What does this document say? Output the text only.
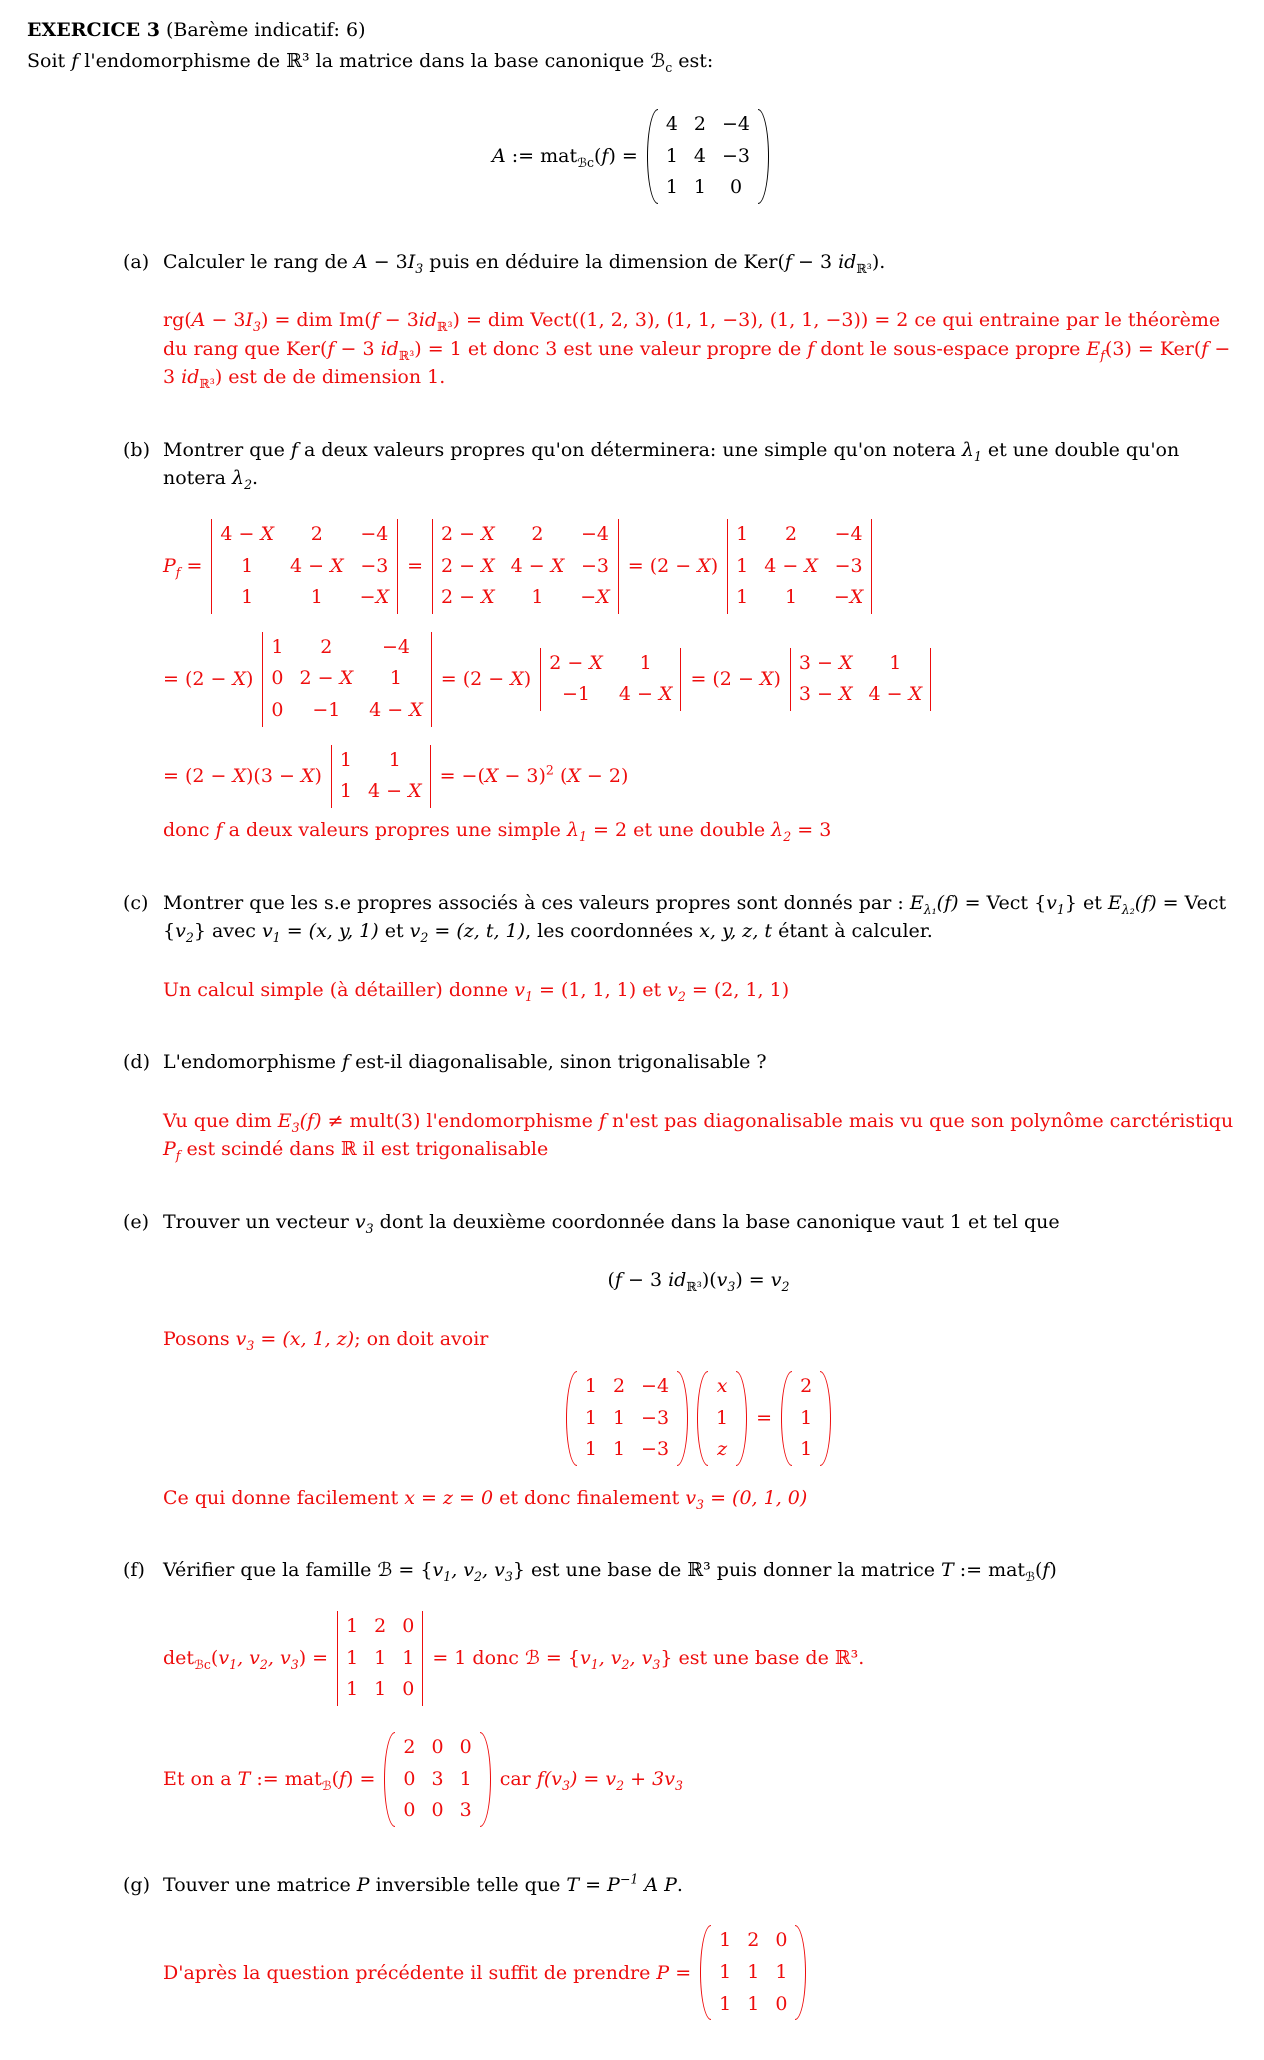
EXERCICE 3 (Barème indicatif: 6)

Soit f l'endomorphisme de ℝ³ la matrice dans la base canonique ℬ$_c$ est:

A := mat$_{ℬc}$(f) =
4	2	−4
1	4	−3
1	1	0
(a) Calculer le rang de $A - 3I_3$ puis en déduire la dimension de Ker(f − 3 $id_{ℝ^3}$).

$rg(A - 3I_3)$ = dim $Im(f - 3id_{ℝ^3})$ = dim Vect((1, 2, 3), (1, 1, −3), (1, 1, −3)) = 2 ce qui entraine par le théorème du rang que Ker(f − 3 $id_{ℝ^3}) = 1$ et donc 3 est une valeur propre de f dont le sous-espace propre $E_f(3) = Ker(f - 3$ $id_{ℝ^3}$) est de de dimension 1.

(b) Montrer que f a deux valeurs propres qu'on déterminera: une simple qu'on notera $\lambda_1$ et une double qu'on notera $\lambda_2$.

$P_f$ =
4 − X	2	−4
1	4 − X	−3
1	1	−X
=
2 − X	2	−4
2 − X	4 − X	−3
2 − X	1	−X
= (2 − X)
1	2	−4
1	4 − X	−3
1	1	−X
= (2 − X)
1	2	−4
0	2 − X	1
0	−1	4 − X
= (2 − X)
2 − X	1
−1	4 − X
= (2 − X)
3 − X	1
3 − X	4 − X
= (2 − X)(3 − X)
1	1
1	4 − X
= $-(X - 3)^2$ (X − 2)

donc f a deux valeurs propres une simple $\lambda_1 = 2$ et une double $\lambda_2 = 3$

(c) Montrer que les s.e propres associés à ces valeurs propres sont donnés par : $E_{\lambda_1}(f)$ = Vect $\{v_1\}$ et $E_{\lambda_2}(f)$ = Vect $\{v_2\}$ avec $v_1 = (x$, y, 1) et $v_2 = (z$, t, 1), les coordonnées x, y, z, t étant à calculer.

Un calcul simple (à détailler) donne $v_1 = (1$, 1, 1) et $v_2 = (2$, 1, 1)

(d) L'endomorphisme f est-il diagonalisable, sinon trigonalisable ?

Vu que dim $E_3(f)$ ≠ mult(3) l'endomorphisme f n'est pas diagonalisable mais vu que son polynôme carctéristiqu $P_f$ est scindé dans ℝ il est trigonalisable

(e) Trouver un vecteur $v_3$ dont la deuxième coordonnée dans la base canonique vaut 1 et tel que

(f − 3 $id_{ℝ^3})(v_3) = v_2$

Posons $v_3 = (x$, 1, z); on doit avoir

1	2	−4
1	1	−3
1	1	−3
x
1
z
=
2
1
1

Ce qui donne facilement x = z = 0 et donc finalement $v_3 = (0$, 1, 0)

(f) Vérifier que la famille ℬ = {$v_1$, $v_2$, $v_3$} est une base de ℝ³ puis donner la matrice T := mat$_ℬ$(f)

$\det_{ℬc}(v_1$, $v_2$, $v_3$) =
1	2	0
1	1	1
1	1	0
= 1 donc ℬ = {$v_1$, $v_2$, $v_3$} est une base de ℝ³.
Et on a T := mat$_ℬ$(f) =
2	0	0
0	3	1
0	0	3
car $f(v_3) = v_2 + 3v_3$
(g) Touver une matrice P inversible telle que $T = P^{-1}$ A P.

D'après la question précédente il suffit de prendre P =
1	2	0
1	1	1
1	1	0
